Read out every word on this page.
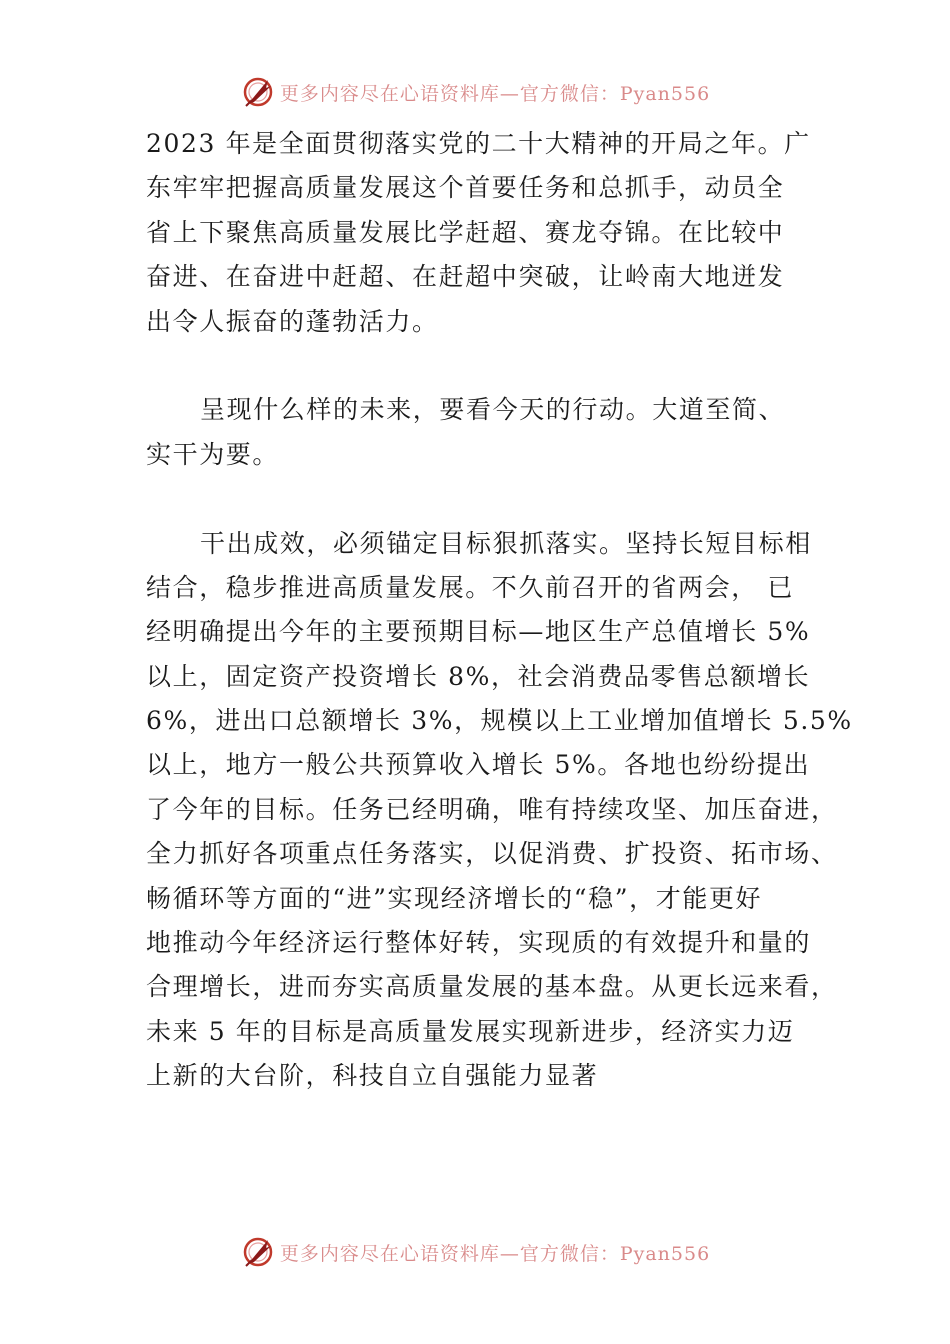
更多内容尽在心语资料库—官方微信：Pyan556
2023 年是全面贯彻落实党的二十大精神的开局之年。广
东牢牢把握高质量发展这个首要任务和总抓手，动员全
省上下聚焦高质量发展比学赶超、赛龙夺锦。在比较中
奋进、在奋进中赶超、在赶超中突破，让岭南大地迸发
出令人振奋的蓬勃活力。
呈现什么样的未来，要看今天的行动。大道至简、
实干为要。
干出成效，必须锚定目标狠抓落实。坚持长短目标相
结合，稳步推进高质量发展。不久前召开的省两会， 已
经明确提出今年的主要预期目标—地区生产总值增长 5%
以上，固定资产投资增长 8%，社会消费品零售总额增长
6%，进出口总额增长 3%，规模以上工业增加值增长 5.5%
以上，地方一般公共预算收入增长 5%。各地也纷纷提出
了今年的目标。任务已经明确，唯有持续攻坚、加压奋进，
全力抓好各项重点任务落实，以促消费、扩投资、拓市场、
畅循环等方面的“进”实现经济增长的“稳”，才能更好
地推动今年经济运行整体好转，实现质的有效提升和量的
合理增长，进而夯实高质量发展的基本盘。从更长远来看，
未来 5 年的目标是高质量发展实现新进步，经济实力迈
上新的大台阶，科技自立自强能力显著
更多内容尽在心语资料库—官方微信：Pyan556
